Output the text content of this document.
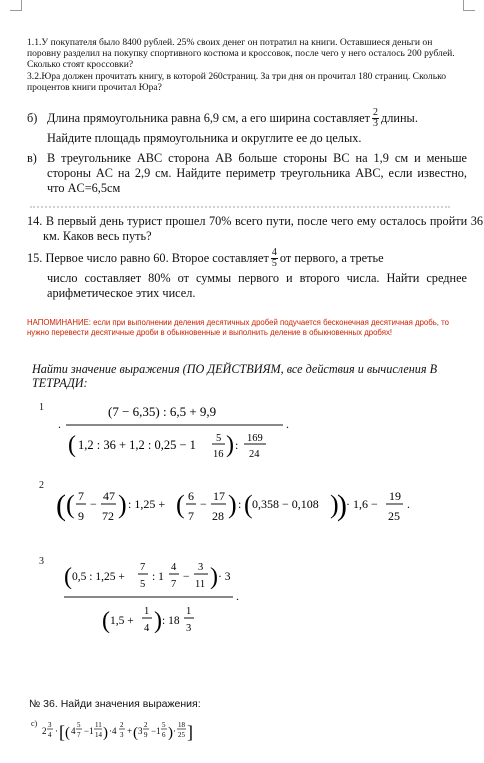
1.1.У покупателя было 8400 рублей. 25% своих денег он потратил на книги. Оставшиеся деньги он поровну разделил на покупку спортивного костюма и кроссовок, после чего у него осталось 200 рублей. Сколько стоят кроссовки?

3.2.Юра должен прочитать книгу, в которой 260страниц. За три дня он прочитал 180 страниц. Сколько процентов книги прочитал Юра?

б) Длина прямоугольника равна 6,9 см, а его ширина составляет $\frac{2}{3}$ длины.
Найдите площадь прямоугольника и округлите ее до целых.
в) В треугольнике ABC сторона AB больше стороны BC на 1,9 см и меньше стороны AC на 2,9 см. Найдите периметр треугольника ABC, если известно, что AC=6,5см

14. В первый день турист прошел 70% всего пути, после чего ему осталось пройти 36 км. Каков весь путь?

15. Первое число равно 60. Второе составляет $\frac{4}{5}$ от первого, а третье
число составляет 80% от суммы первого и второго числа. Найти среднее арифметическое этих чисел.
НАПОМИНАНИЕ: если при выполнении деления десятичных дробей подучается бесконечная десятичная дробь, то нужно перевести десятичные дроби в обыкновенные и выполнить деление в обыкновенных дробях!
Найти значение выражения (ПО ДЕЙСТВИЯМ, все действия и вычисления В ТЕТРАДИ:
1	(7 − 6,35) : 6,5 + 9,9
.
( 1,2 : 36 + 1,2 : 0,25 − 1 5
16 ) : 169
24
.
2
( ( 7
9
−
47
72 ) : 1,25 + ( 6
7
−
17
28 ) : ( 0,358 − 0,108 )
) · 1,6 −
19
25
.
3
( 0,5 : 1,25 +
7
5
: 1
4
7
−
3
11 ) · 3
.
( 1,5 +
1
4 ) : 18
1
3
№ 36. Найди значения выражения:
с)
2
3
4 · [ ( 4
5
7 −1
11
14 ) ·4
2
3 + ( 3
2
9 −1
5
6 ) ·
18
25 ]
